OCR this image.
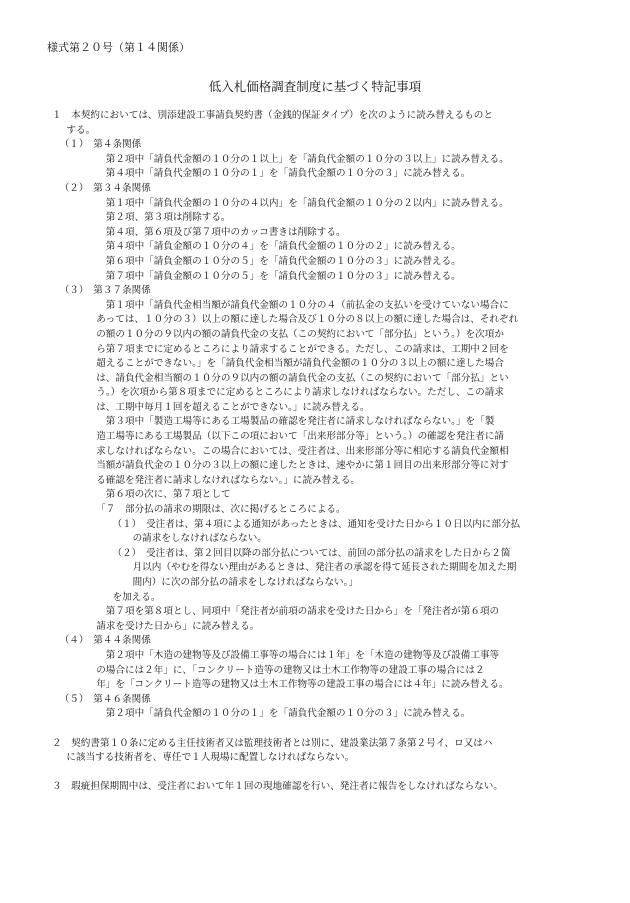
様式第２０号（第１４関係）
低入札価格調査制度に基づく特記事項
１　本契約においては、別添建設工事請負契約書（金銭的保証タイプ）を次のように読み替えるものと
する。
（１）　第４条関係
第２項中「請負代金額の１０分の１以上」を「請負代金額の１０分の３以上」に読み替える。
第４項中「請負代金額の１０分の１」を「請負代金額の１０分の３」に読み替える。
（２）　第３４条関係
第１項中「請負代金額の１０分の４以内」を「請負代金額の１０分の２以内」に読み替える。
第２項、第３項は削除する。
第４項、第６項及び第７項中のカッコ書きは削除する。
第４項中「請負金額の１０分の４」を「請負代金額の１０分の２」に読み替える。
第６項中「請負金額の１０分の５」を「請負代金額の１０分の３」に読み替える。
第７項中「請負金額の１０分の５」を「請負代金額の１０分の３」に読み替える。
（３）　第３７条関係
第１項中「請負代金相当額が請負代金額の１０分の４（前払金の支払いを受けていない場合に
あっては、１０分の３）以上の額に達した場合及び１０分の８以上の額に達した場合は、それぞれ
の額の１０分の９以内の額の請負代金の支払（この契約において「部分払」という。）を次項か
ら第７項までに定めるところにより請求することができる。ただし、この請求は、工期中２回を
超えることができない。」を「請負代金相当額が請負代金額の１０分の３以上の額に達した場合
は、請負代金相当額の１０分の９以内の額の請負代金の支払（この契約において「部分払」とい
う。）を次項から第８項までに定めるところにより請求しなければならない。ただし、この請求
は、工期中毎月１回を超えることができない。」に読み替える。
第３項中「製造工場等にある工場製品の確認を発注者に請求しなければならない。」を「製
造工場等にある工場製品（以下この項において「出来形部分等」という。）の確認を発注者に請
求しなければならない。この場合においては、受注者は、出来形部分等に相応する請負代金額相
当額が請負代金の１０分の３以上の額に達したときは、速やかに第１回目の出来形部分等に対す
る確認を発注者に請求しなければならない。」に読み替える。
第６項の次に、第７項として
「７　部分払の請求の期限は、次に掲げるところによる。
（１）　受注者は、第４項による通知があったときは、通知を受けた日から１０日以内に部分払
の請求をしなければならない。
（２）　受注者は、第２回目以降の部分払については、前回の部分払の請求をした日から２箇
月以内（やむを得ない理由があるときは、発注者の承認を得て延長された期間を加えた期
間内）に次の部分払の請求をしなければならない。」
を加える。
第７項を第８項とし、同項中「発注者が前項の請求を受けた日から」を「発注者が第６項の
請求を受けた日から」に読み替える。
（４）　第４４条関係
第２項中「木造の建物等及び設備工事等の場合には１年」を「木造の建物等及び設備工事等
の場合には２年」に、「コンクリート造等の建物又は土木工作物等の建設工事の場合には２
年」を「コンクリート造等の建物又は土木工作物等の建設工事の場合には４年」に読み替える。
（５）　第４６条関係
第２項中「請負代金額の１０分の１」を「請負代金額の１０分の３」に読み替える。
２　契約書第１０条に定める主任技術者又は監理技術者とは別に、建設業法第７条第２号イ、ロ又はハ
に該当する技術者を、専任で１人現場に配置しなければならない。
３　瑕疵担保期間中は、受注者において年１回の現地確認を行い、発注者に報告をしなければならない。
